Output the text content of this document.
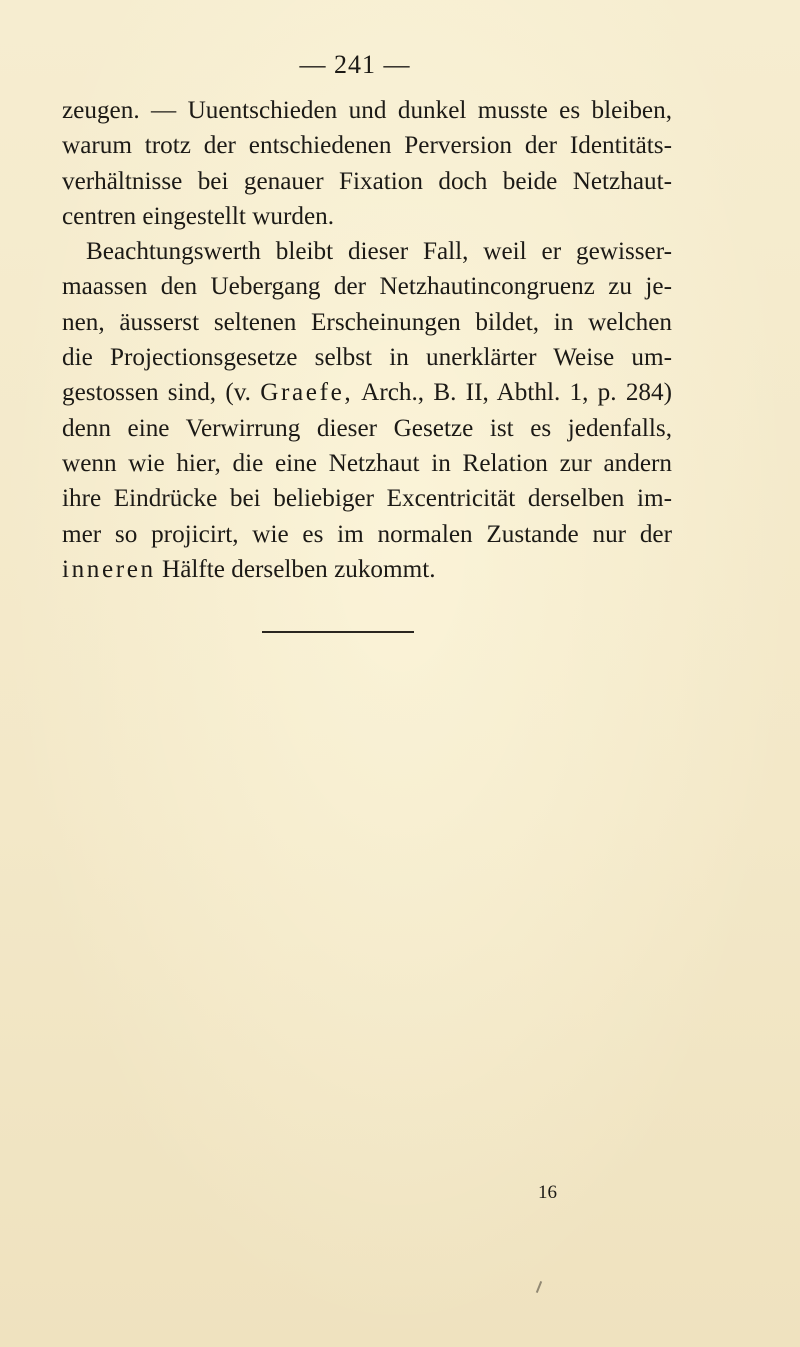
— 241 —
zeugen. — Uuentschieden und dunkel musste es bleiben,
warum trotz der entschiedenen Perversion der Identitäts-
verhältnisse bei genauer Fixation doch beide Netzhaut-
centren eingestellt wurden.
Beachtungswerth bleibt dieser Fall, weil er gewisser-
maassen den Uebergang der Netzhautincongruenz zu je-
nen, äusserst seltenen Erscheinungen bildet, in welchen
die Projectionsgesetze selbst in unerklärter Weise um-
gestossen sind, (v. Graefe, Arch., B. II, Abthl. 1, p. 284)
denn eine Verwirrung dieser Gesetze ist es jedenfalls,
wenn wie hier, die eine Netzhaut in Relation zur andern
ihre Eindrücke bei beliebiger Excentricität derselben im-
mer so projicirt, wie es im normalen Zustande nur der
inneren Hälfte derselben zukommt.
16
